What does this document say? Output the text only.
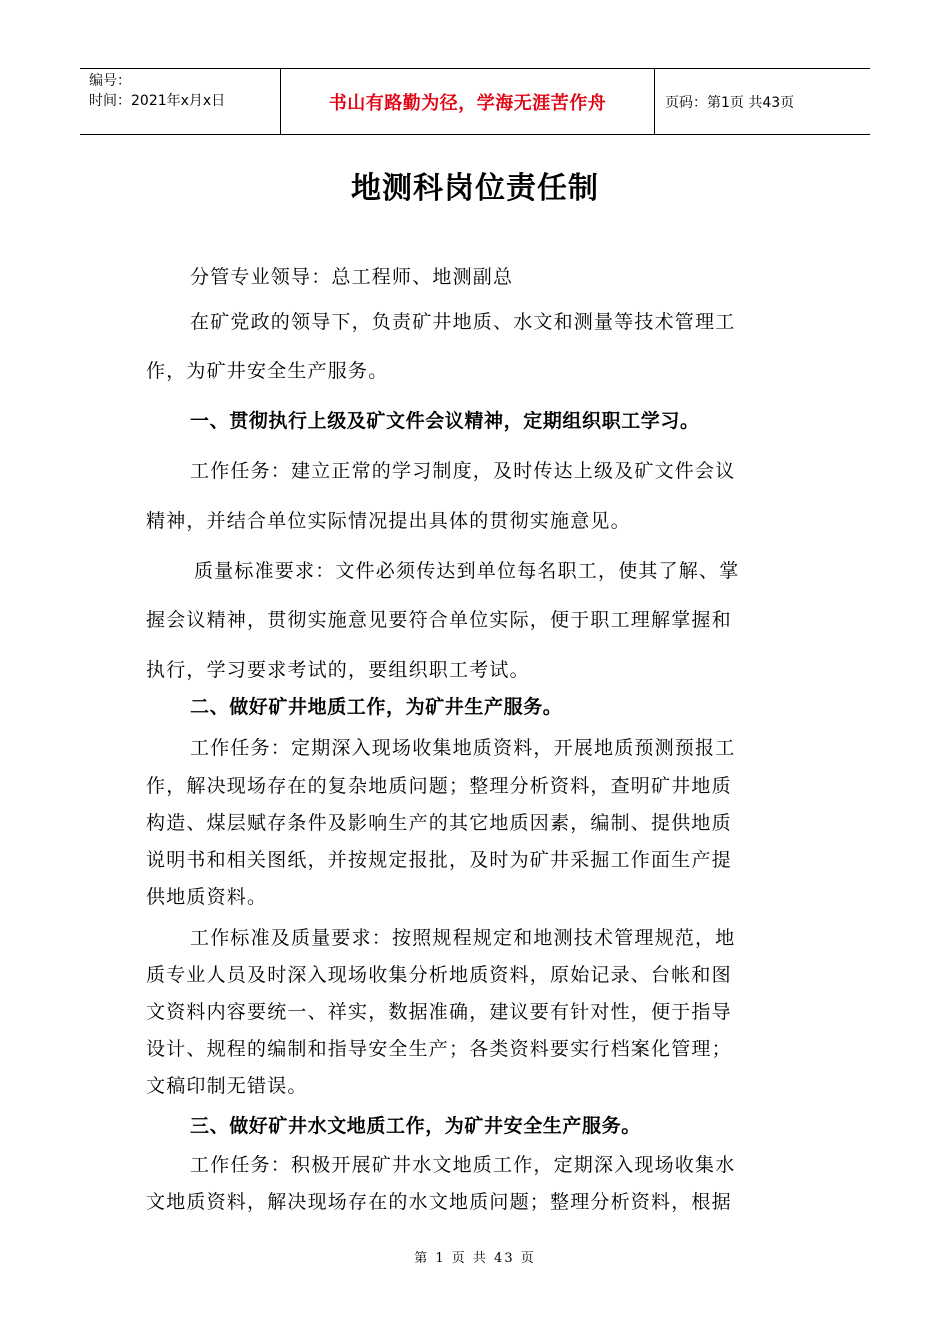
编号：
时间：2021年x月x日	书山有路勤为径，学海无涯苦作舟	页码：第1页 共43页
地测科岗位责任制
分管专业领导：总工程师、地测副总
在矿党政的领导下，负责矿井地质、水文和测量等技术管理工
作，为矿井安全生产服务。
一、贯彻执行上级及矿文件会议精神，定期组织职工学习。
工作任务：建立正常的学习制度，及时传达上级及矿文件会议
精神，并结合单位实际情况提出具体的贯彻实施意见。
质量标准要求：文件必须传达到单位每名职工，使其了解、掌
握会议精神，贯彻实施意见要符合单位实际，便于职工理解掌握和
执行，学习要求考试的，要组织职工考试。
二、做好矿井地质工作，为矿井生产服务。
工作任务：定期深入现场收集地质资料，开展地质预测预报工
作，解决现场存在的复杂地质问题；整理分析资料，查明矿井地质
构造、煤层赋存条件及影响生产的其它地质因素，编制、提供地质
说明书和相关图纸，并按规定报批，及时为矿井采掘工作面生产提
供地质资料。
工作标准及质量要求：按照规程规定和地测技术管理规范，地
质专业人员及时深入现场收集分析地质资料，原始记录、台帐和图
文资料内容要统一、祥实，数据准确，建议要有针对性，便于指导
设计、规程的编制和指导安全生产；各类资料要实行档案化管理；
文稿印制无错误。
三、做好矿井水文地质工作，为矿井安全生产服务。
工作任务：积极开展矿井水文地质工作，定期深入现场收集水
文地质资料，解决现场存在的水文地质问题；整理分析资料，根据
第 1 页 共 43 页
